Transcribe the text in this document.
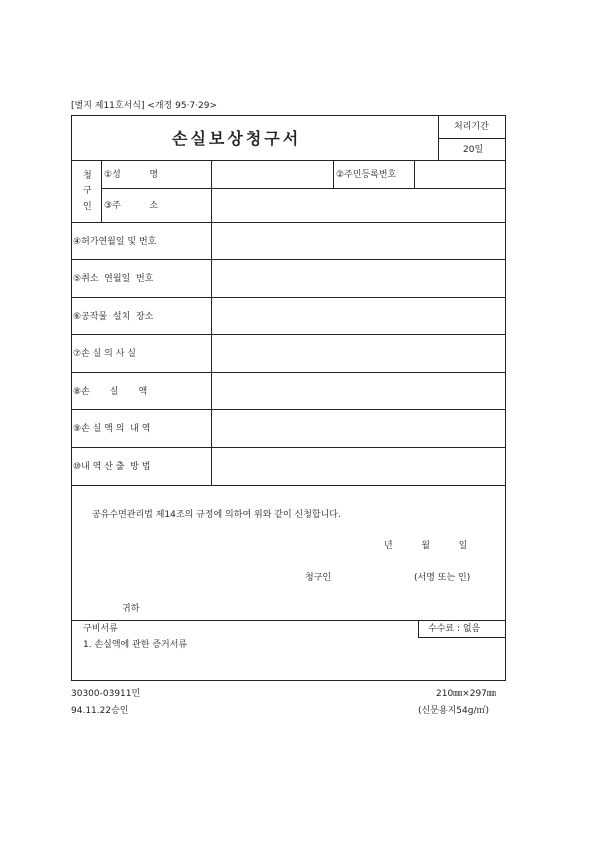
[별지 제11호서식] <개정 95·7·29>
손실보상청구서
처리기간
20일
청
구
인
①성          명	②주민등록번호
③주          소
④허가연월일 및 번호
⑤취소  연월일  번호
⑥공작물  설치  장소
⑦손 실 의 사 실
⑧손       실       액
⑨손 실 액 의  내 역
⑩내 역 산 출  방 법
공유수면관리법 제14조의 규정에 의하여 위와 같이 신청합니다.
년          월          일
청구인	(서명 또는 인)
귀하
구비서류	수수료 : 없음
1. 손실액에 관한 증거서류
30300-03911민	210㎜×297㎜
94.11.22승인	(신문용지54g/㎡)
